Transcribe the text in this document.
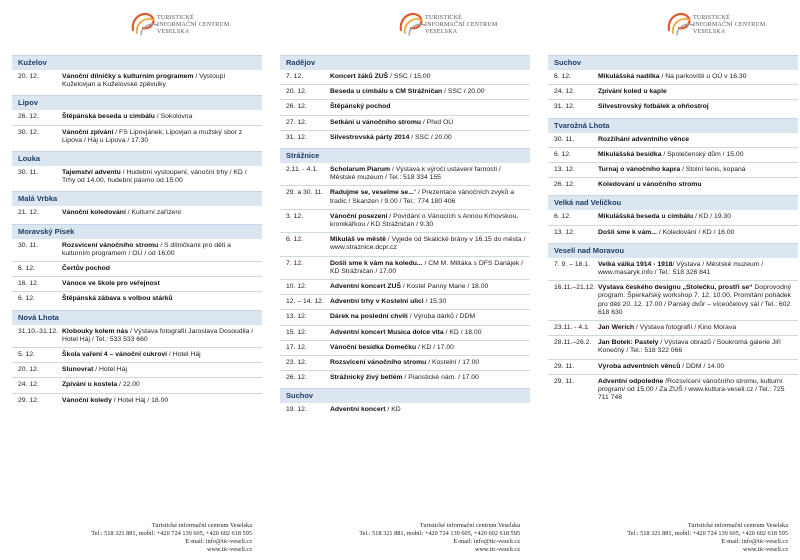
TURISTICKÉ
INFORMAČNÍ CENTRUM
VESELSKA
Kuželov
20. 12.	Vánoční dílničky s kulturním programem / Vystoupí Kuželovjan a Kuželovské zpěvulky
Lipov
26. 12.	Štěpánská beseda u cimbálu / Sokolovna
30. 12.	Vánoční zpívání / FS Lipovjánek, Lipovjan a mužský sbor z Lipova / Háj u Lipova / 17.30
Louka
30. 11.	Tajemství adventu / Hudební vystoupení, vánoční trhy / KD / Trhy od 14.00, hudební pásmo od 15.00
Malá Vrbka
21. 12.	Vánoční koledování / Kulturní zařízení
Moravský Písek
30. 11.	Rozsvícení vánočního stromu / S dílničkami pro děti a kulturním programem / OÚ / od 16.00
6. 12.	Čertův pochod
16. 12.	Vánoce ve škole pro veřejnost
6. 12.	Štěpánská zábava s volbou stárků
Nová Lhota
31.10.-31.12. Klobouky kolem nás / Výstava fotografií Jaroslava Dosoudila / Hotel Háj / Tel.: 533 533 660
5. 12.	Škola vaření 4 – vánoční cukroví / Hotel Háj
20. 12.	Slunovrat / Hotel Háj
24. 12.	Zpívání u kostela / 22.00
29. 12.	Vánoční koledy / Hotel Háj / 18.00
Turistické informační centrum Veselska
Tel.: 518 321 881, mobil: +420 724 139 605, +420 602 618 595
E-mail: info@tic-veseli.cz
www.tic-veseli.cz
TURISTICKÉ
INFORMAČNÍ CENTRUM
VESELSKA
Radějov
7. 12.	Koncert žáků ZUŠ / SSC / 15.00
20. 12.	Beseda u cimbálu s CM Strážničan / SSC / 20.00
26. 12.	Štěpánský pochod
27. 12.	Setkání u vánočního stromu / Před OÚ
31. 12.	Silvestrovská párty 2014 / SSC / 20.00
Strážnice
2.11. - 4.1.	Scholarum Piarum / Výstava k výročí ustavení farnosti / Městské muzeum / Tel.: 518 334 155
29. a 30. 11. Radujme se, veselme se...“ / Prezentace vánočních zvyků a tradic / Skanzen / 9.00 / Tel.: 774 180 406
3. 12.	Vánoční posezení / Povídání o Vánocích s Annou Krhovskou, kronikářkou / KD Strážničan / 9.30
6. 12.	Mikuláš ve městě / Vyjede od Skalické brány v 16.15 do města / www.straznice.dcpr.cz
7. 12.	Došli sme k vám na koledu... / CM M. Miltáka s DFS Danájek / KD Strážničan / 17.00
10. 12.	Adventní koncert ZUŠ / Kostel Panny Marie / 18.00
12. – 14. 12. Adventní trhy v Kostelní ulici / 15.30
13. 12.	Dárek na poslední chvíli / Výroba dárků / DDM
15. 12.	Adventní koncert Musica dolce vita / KD / 18.00
17. 12.	Vánoční besídka Domečku / KD / 17.00
23. 12.	Rozsvícení vánočního stromu / Kostelní / 17.00
26. 12.	Strážnický živý betlém / Piaristické nám. / 17.00
Suchov
19. 12.	Adventní koncert / KD
Turistické informační centrum Veselska
Tel.: 518 321 881, mobil: +420 724 139 605, +420 602 618 595
E-mail: info@tic-veseli.cz
www.tic-veseli.cz
TURISTICKÉ
INFORMAČNÍ CENTRUM
VESELSKA
Suchov
6. 12.	Mikulášská nadílka / Na parkovišti u OÚ v 16.30
24. 12.	Zpívání koled u kaple
31. 12.	Silvestrovský fotbálek a ohňostroj
Tvarožná Lhota
30. 11.	Rozžíhání adventního věnce
6. 12.	Mikulášská besídka / Společenský dům / 15.00
13. 12.	Turnaj o vánočního kapra / Stolní tenis, kopaná
26. 12.	Koledování u vánočního stromu
Velká nad Veličkou
6. 12.	Mikulášská beseda u cimbálu / KD / 19.30
13. 12.	Došli sme k vám... / Koledování / KD / 16.00
Veselí nad Moravou
7. 9. – 18.1.	Velká válka 1914 - 1918/ Výstava / Městské muzeum / www.masaryk.info / Tel.: 518 326 841
16.11.–21.12. Výstava českého designu „Stolečku, prostři se“ Doprovodný program: Šperkařský workshop 7. 12. 10.00, Promítání pohádek pro děti 20. 12. 17.00 / Panský dvůr – víceúčelový sál / Tel.: 602 618 630
23.11. - 4.1.	Jan Werich / Výstava fotografií / Kino Morava
28.11.–26.2. Jan Botek: Pastely / Výstava obrazů / Soukromá galerie Jiří Konečný / Tel.: 518 322 066
29. 11.	Výroba adventních věnců / DDM / 14.00
29. 11.	Adventní odpoledne /Rozsvícení vánočního stromu, kulturní program/ od 15.00 / Za ZUŠ / www.kultura-veseli.cz / Tel.: 725 711 748
Turistické informační centrum Veselska
Tel.: 518 321 881, mobil: +420 724 139 605, +420 602 618 595
E-mail: info@tic-veseli.cz
www.tic-veseli.cz
